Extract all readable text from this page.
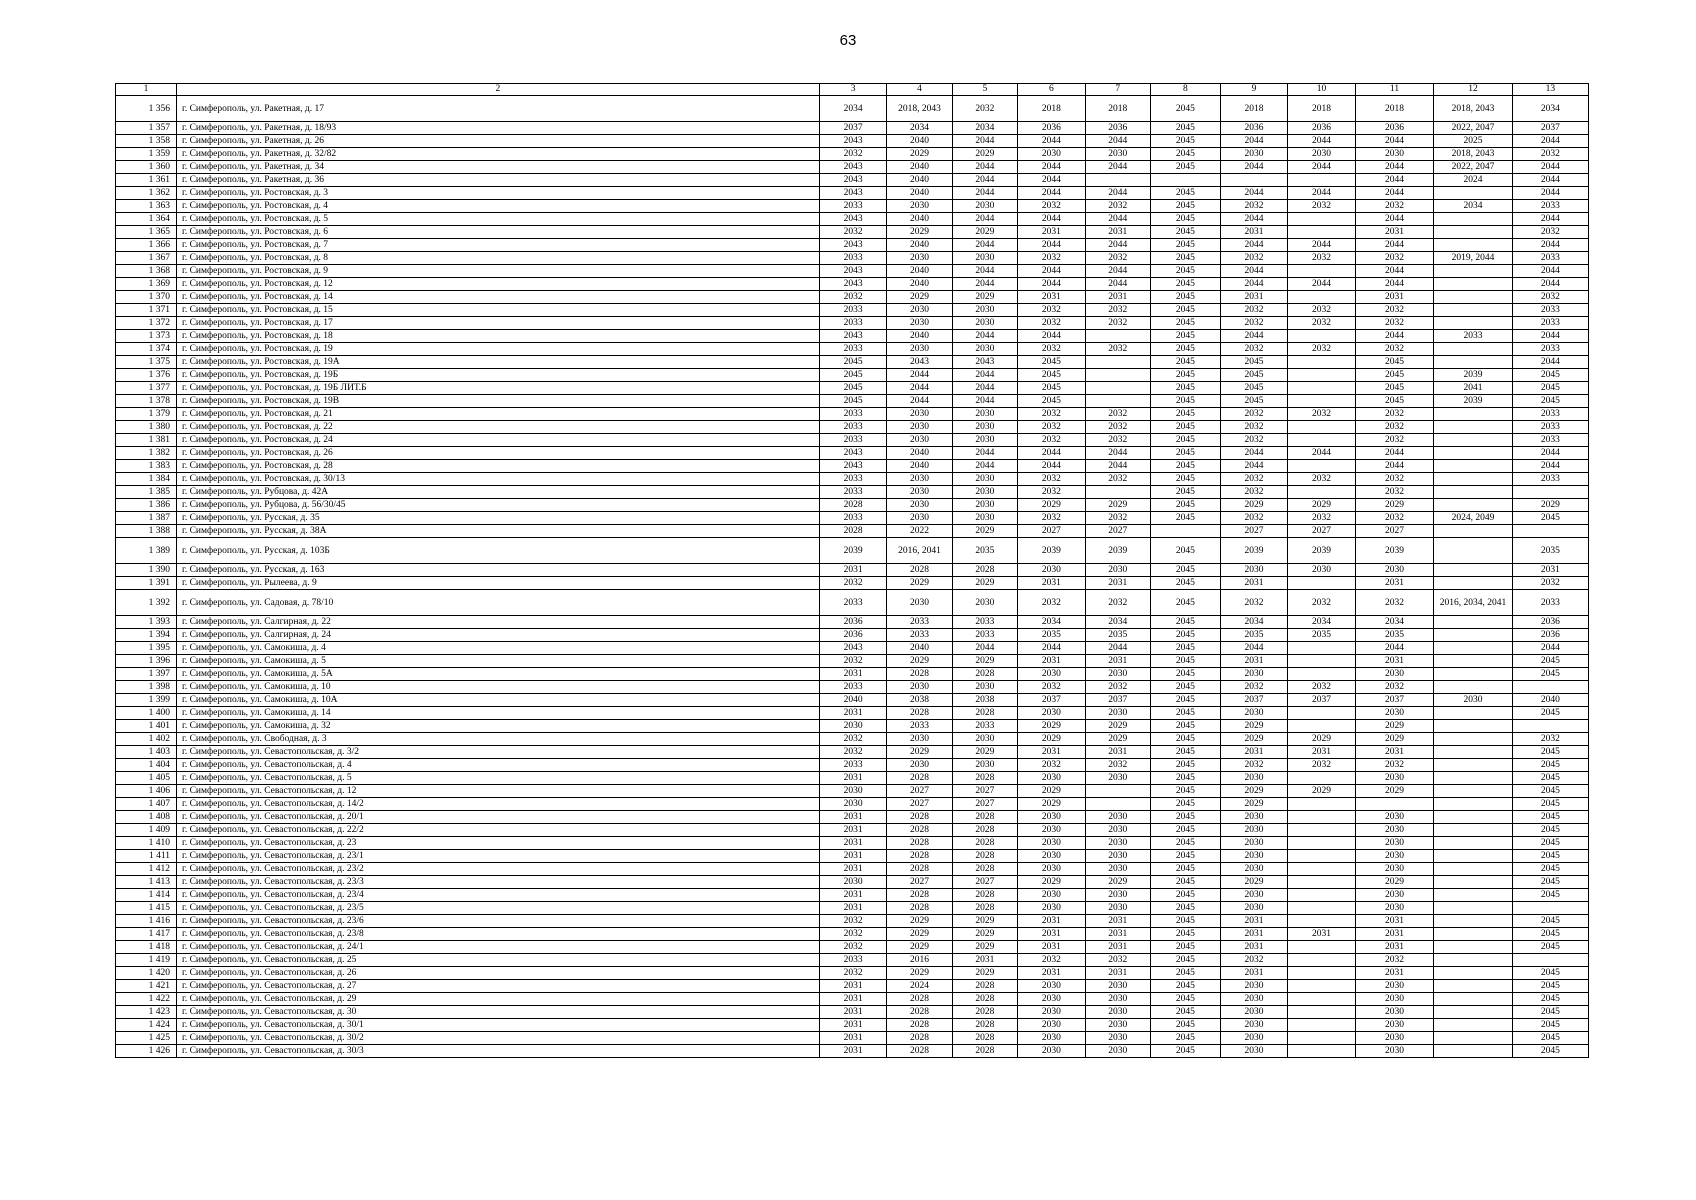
63
1	2	3	4	5	6	7	8	9	10	11	12	13
1 356	г. Симферополь, ул. Ракетная, д. 17	2034	2018, 2043	2032	2018	2018	2045	2018	2018	2018	2018, 2043	2034
1 357	г. Симферополь, ул. Ракетная, д. 18/93	2037	2034	2034	2036	2036	2045	2036	2036	2036	2022, 2047	2037
1 358	г. Симферополь, ул. Ракетная, д. 26	2043	2040	2044	2044	2044	2045	2044	2044	2044	2025	2044
1 359	г. Симферополь, ул. Ракетная, д. 32/82	2032	2029	2029	2030	2030	2045	2030	2030	2030	2018, 2043	2032
1 360	г. Симферополь, ул. Ракетная, д. 34	2043	2040	2044	2044	2044	2045	2044	2044	2044	2022, 2047	2044
1 361	г. Симферополь, ул. Ракетная, д. 36	2043	2040	2044	2044					2044	2024	2044
1 362	г. Симферополь, ул. Ростовская, д. 3	2043	2040	2044	2044	2044	2045	2044	2044	2044		2044
1 363	г. Симферополь, ул. Ростовская, д. 4	2033	2030	2030	2032	2032	2045	2032	2032	2032	2034	2033
1 364	г. Симферополь, ул. Ростовская, д. 5	2043	2040	2044	2044	2044	2045	2044		2044		2044
1 365	г. Симферополь, ул. Ростовская, д. 6	2032	2029	2029	2031	2031	2045	2031		2031		2032
1 366	г. Симферополь, ул. Ростовская, д. 7	2043	2040	2044	2044	2044	2045	2044	2044	2044		2044
1 367	г. Симферополь, ул. Ростовская, д. 8	2033	2030	2030	2032	2032	2045	2032	2032	2032	2019, 2044	2033
1 368	г. Симферополь, ул. Ростовская, д. 9	2043	2040	2044	2044	2044	2045	2044		2044		2044
1 369	г. Симферополь, ул. Ростовская, д. 12	2043	2040	2044	2044	2044	2045	2044	2044	2044		2044
1 370	г. Симферополь, ул. Ростовская, д. 14	2032	2029	2029	2031	2031	2045	2031		2031		2032
1 371	г. Симферополь, ул. Ростовская, д. 15	2033	2030	2030	2032	2032	2045	2032	2032	2032		2033
1 372	г. Симферополь, ул. Ростовская, д. 17	2033	2030	2030	2032	2032	2045	2032	2032	2032		2033
1 373	г. Симферополь, ул. Ростовская, д. 18	2043	2040	2044	2044		2045	2044		2044	2033	2044
1 374	г. Симферополь, ул. Ростовская, д. 19	2033	2030	2030	2032	2032	2045	2032	2032	2032		2033
1 375	г. Симферополь, ул. Ростовская, д. 19А	2045	2043	2043	2045		2045	2045		2045		2044
1 376	г. Симферополь, ул. Ростовская, д. 19Б	2045	2044	2044	2045		2045	2045		2045	2039	2045
1 377	г. Симферополь, ул. Ростовская, д. 19Б ЛИТ.Б	2045	2044	2044	2045		2045	2045		2045	2041	2045
1 378	г. Симферополь, ул. Ростовская, д. 19В	2045	2044	2044	2045		2045	2045		2045	2039	2045
1 379	г. Симферополь, ул. Ростовская, д. 21	2033	2030	2030	2032	2032	2045	2032	2032	2032		2033
1 380	г. Симферополь, ул. Ростовская, д. 22	2033	2030	2030	2032	2032	2045	2032		2032		2033
1 381	г. Симферополь, ул. Ростовская, д. 24	2033	2030	2030	2032	2032	2045	2032		2032		2033
1 382	г. Симферополь, ул. Ростовская, д. 26	2043	2040	2044	2044	2044	2045	2044	2044	2044		2044
1 383	г. Симферополь, ул. Ростовская, д. 28	2043	2040	2044	2044	2044	2045	2044		2044		2044
1 384	г. Симферополь, ул. Ростовская, д. 30/13	2033	2030	2030	2032	2032	2045	2032	2032	2032		2033
1 385	г. Симферополь, ул. Рубцова, д. 42А	2033	2030	2030	2032		2045	2032		2032		
1 386	г. Симферополь, ул. Рубцова, д. 56/30/45	2028	2030	2030	2029	2029	2045	2029	2029	2029		2029
1 387	г. Симферополь, ул. Русская, д. 35	2033	2030	2030	2032	2032	2045	2032	2032	2032	2024, 2049	2045
1 388	г. Симферополь, ул. Русская, д. 38А	2028	2022	2029	2027	2027		2027	2027	2027		
1 389	г. Симферополь, ул. Русская, д. 103Б	2039	2016, 2041	2035	2039	2039	2045	2039	2039	2039		2035
1 390	г. Симферополь, ул. Русская, д. 163	2031	2028	2028	2030	2030	2045	2030	2030	2030		2031
1 391	г. Симферополь, ул. Рылеева, д. 9	2032	2029	2029	2031	2031	2045	2031		2031		2032
1 392	г. Симферополь, ул. Садовая, д. 78/10	2033	2030	2030	2032	2032	2045	2032	2032	2032	2016, 2034, 2041	2033
1 393	г. Симферополь, ул. Салгирная, д. 22	2036	2033	2033	2034	2034	2045	2034	2034	2034		2036
1 394	г. Симферополь, ул. Салгирная, д. 24	2036	2033	2033	2035	2035	2045	2035	2035	2035		2036
1 395	г. Симферополь, ул. Самокиша, д. 4	2043	2040	2044	2044	2044	2045	2044		2044		2044
1 396	г. Симферополь, ул. Самокиша, д. 5	2032	2029	2029	2031	2031	2045	2031		2031		2045
1 397	г. Симферополь, ул. Самокиша, д. 5А	2031	2028	2028	2030	2030	2045	2030		2030		2045
1 398	г. Симферополь, ул. Самокиша, д. 10	2033	2030	2030	2032	2032	2045	2032	2032	2032		
1 399	г. Симферополь, ул. Самокиша, д. 10А	2040	2038	2038	2037	2037	2045	2037	2037	2037	2030	2040
1 400	г. Симферополь, ул. Самокиша, д. 14	2031	2028	2028	2030	2030	2045	2030		2030		2045
1 401	г. Симферополь, ул. Самокиша, д. 32	2030	2033	2033	2029	2029	2045	2029		2029		
1 402	г. Симферополь, ул. Свободная, д. 3	2032	2030	2030	2029	2029	2045	2029	2029	2029		2032
1 403	г. Симферополь, ул. Севастопольская, д. 3/2	2032	2029	2029	2031	2031	2045	2031	2031	2031		2045
1 404	г. Симферополь, ул. Севастопольская, д. 4	2033	2030	2030	2032	2032	2045	2032	2032	2032		2045
1 405	г. Симферополь, ул. Севастопольская, д. 5	2031	2028	2028	2030	2030	2045	2030		2030		2045
1 406	г. Симферополь, ул. Севастопольская, д. 12	2030	2027	2027	2029		2045	2029	2029	2029		2045
1 407	г. Симферополь, ул. Севастопольская, д. 14/2	2030	2027	2027	2029		2045	2029				2045
1 408	г. Симферополь, ул. Севастопольская, д. 20/1	2031	2028	2028	2030	2030	2045	2030		2030		2045
1 409	г. Симферополь, ул. Севастопольская, д. 22/2	2031	2028	2028	2030	2030	2045	2030		2030		2045
1 410	г. Симферополь, ул. Севастопольская, д. 23	2031	2028	2028	2030	2030	2045	2030		2030		2045
1 411	г. Симферополь, ул. Севастопольская, д. 23/1	2031	2028	2028	2030	2030	2045	2030		2030		2045
1 412	г. Симферополь, ул. Севастопольская, д. 23/2	2031	2028	2028	2030	2030	2045	2030		2030		2045
1 413	г. Симферополь, ул. Севастопольская, д. 23/3	2030	2027	2027	2029	2029	2045	2029		2029		2045
1 414	г. Симферополь, ул. Севастопольская, д. 23/4	2031	2028	2028	2030	2030	2045	2030		2030		2045
1 415	г. Симферополь, ул. Севастопольская, д. 23/5	2031	2028	2028	2030	2030	2045	2030		2030		
1 416	г. Симферополь, ул. Севастопольская, д. 23/6	2032	2029	2029	2031	2031	2045	2031		2031		2045
1 417	г. Симферополь, ул. Севастопольская, д. 23/8	2032	2029	2029	2031	2031	2045	2031	2031	2031		2045
1 418	г. Симферополь, ул. Севастопольская, д. 24/1	2032	2029	2029	2031	2031	2045	2031		2031		2045
1 419	г. Симферополь, ул. Севастопольская, д. 25	2033	2016	2031	2032	2032	2045	2032		2032		
1 420	г. Симферополь, ул. Севастопольская, д. 26	2032	2029	2029	2031	2031	2045	2031		2031		2045
1 421	г. Симферополь, ул. Севастопольская, д. 27	2031	2024	2028	2030	2030	2045	2030		2030		2045
1 422	г. Симферополь, ул. Севастопольская, д. 29	2031	2028	2028	2030	2030	2045	2030		2030		2045
1 423	г. Симферополь, ул. Севастопольская, д. 30	2031	2028	2028	2030	2030	2045	2030		2030		2045
1 424	г. Симферополь, ул. Севастопольская, д. 30/1	2031	2028	2028	2030	2030	2045	2030		2030		2045
1 425	г. Симферополь, ул. Севастопольская, д. 30/2	2031	2028	2028	2030	2030	2045	2030		2030		2045
1 426	г. Симферополь, ул. Севастопольская, д. 30/3	2031	2028	2028	2030	2030	2045	2030		2030		2045
